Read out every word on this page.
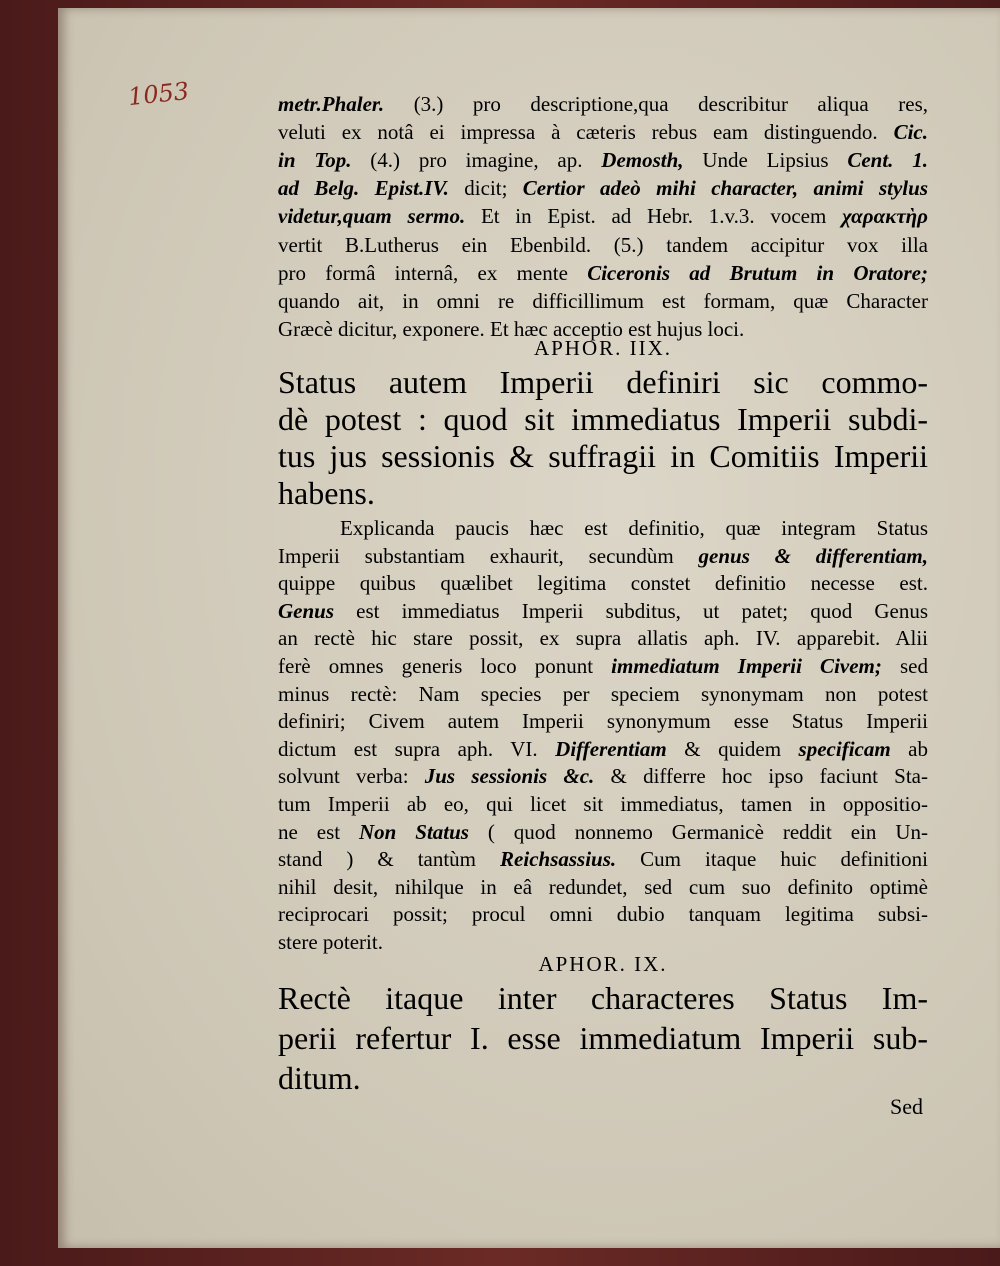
1053	metr.Phaler. (3.) pro descriptione,qua describitur aliqua res,
veluti ex notâ ei impressa à cæteris rebus eam distinguendo. Cic.
in Top. (4.) pro imagine, ap. Demosth, Unde Lipsius Cent. 1.
ad Belg. Epist.IV. dicit; Certior adeò mihi character, animi stylus
videtur,quam sermo. Et in Epist. ad Hebr. 1.v.3. vocem χαρακτὴρ
vertit B.Lutherus ein Ebenbild. (5.) tandem accipitur vox illa
pro formâ internâ, ex mente Ciceronis ad Brutum in Oratore;
quando ait, in omni re difficillimum est formam, quæ Character
Græcè dicitur, exponere. Et hæc acceptio est hujus loci.
APHOR. IIX.
Status autem Imperii definiri sic commo-
dè potest : quod sit immediatus Imperii subdi-
tus jus sessionis & suffragii in Comitiis Imperii
habens.
Explicanda paucis hæc est definitio, quæ integram Status
Imperii substantiam exhaurit, secundùm genus & differentiam,
quippe quibus quælibet legitima constet definitio necesse est.
Genus est immediatus Imperii subditus, ut patet; quod Genus
an rectè hic stare possit, ex supra allatis aph. IV. apparebit. Alii
ferè omnes generis loco ponunt immediatum Imperii Civem; sed
minus rectè: Nam species per speciem synonymam non potest
definiri; Civem autem Imperii synonymum esse Status Imperii
dictum est supra aph. VI. Differentiam & quidem specificam ab
solvunt verba: Jus sessionis &c. & differre hoc ipso faciunt Sta-
tum Imperii ab eo, qui licet sit immediatus, tamen in oppositio-
ne est Non Status ( quod nonnemo Germanicè reddit ein Un-
stand ) & tantùm Reichsassius. Cum itaque huic definitioni
nihil desit, nihilque in eâ redundet, sed cum suo definito optimè
reciprocari possit; procul omni dubio tanquam legitima subsi-
stere poterit.
APHOR. IX.
Rectè itaque inter characteres Status Im-
perii refertur I. esse immediatum Imperii sub-
ditum.
Sed
